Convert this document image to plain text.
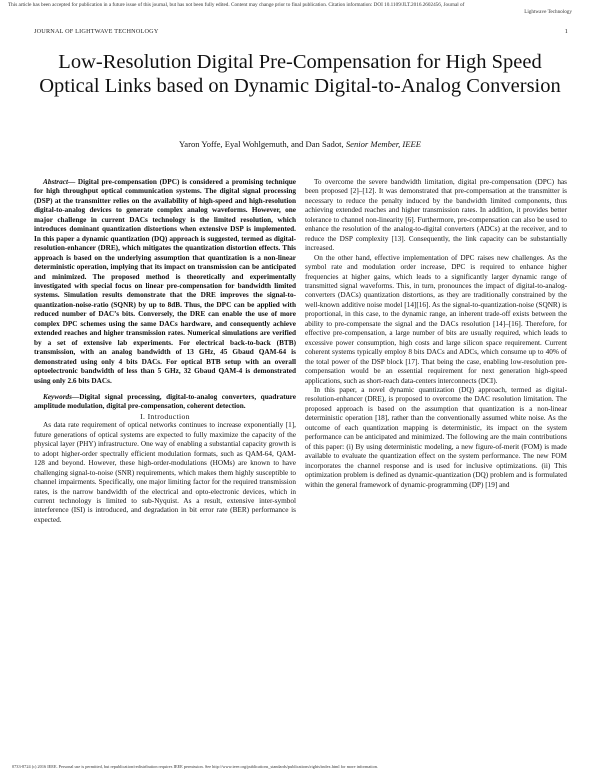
This article has been accepted for publication in a future issue of this journal, but has not been fully edited. Content may change prior to final publication. Citation information: DOI 10.1109/JLT.2016.2602456, Journal of
Lightwave Technology
JOURNAL OF LIGHTWAVE TECHNOLOGY	1
Low-Resolution Digital Pre-Compensation for High Speed Optical Links based on Dynamic Digital-to-Analog Conversion
Yaron Yoffe, Eyal Wohlgemuth, and Dan Sadot, Senior Member, IEEE

Abstract— Digital pre-compensation (DPC) is considered a promising technique for high throughput optical communication systems. The digital signal processing (DSP) at the transmitter relies on the availability of high-speed and high-resolution digital-to-analog devices to generate complex analog waveforms. However, one major challenge in current DACs technology is the limited resolution, which introduces dominant quantization distortions when extensive DSP is implemented. In this paper a dynamic quantization (DQ) approach is suggested, termed as digital-resolution-enhancer (DRE), which mitigates the quantization distortion effects. This approach is based on the underlying assumption that quantization is a non-linear deterministic operation, implying that its impact on transmission can be anticipated and minimized. The proposed method is theoretically and experimentally investigated with special focus on linear pre-compensation for bandwidth limited systems. Simulation results demonstrate that the DRE improves the signal-to-quantization-noise-ratio (SQNR) by up to 8dB. Thus, the DPC can be applied with reduced number of DAC’s bits. Conversely, the DRE can enable the use of more complex DPC schemes using the same DACs hardware, and consequently achieve extended reaches and higher transmission rates. Numerical simulations are verified by a set of extensive lab experiments. For electrical back-to-back (BTB) transmission, with an analog bandwidth of 13 GHz, 45 Gbaud QAM-64 is demonstrated using only 4 bits DACs. For optical BTB setup with an overall optoelectronic bandwidth of less than 5 GHz, 32 Gbaud QAM-4 is demonstrated using only 2.6 bits DACs.

Keywords—Digital signal processing, digital-to-analog converters, quadrature amplitude modulation, digital pre-compensation, coherent detection.

I. Introduction

As data rate requirement of optical networks continues to increase exponentially [1], future generations of optical systems are expected to fully maximize the capacity of the physical layer (PHY) infrastructure. One way of enabling a substantial capacity growth is to adopt higher-order spectrally efficient modulation formats, such as QAM-64, QAM-128 and beyond. However, these high-order-modulations (HOMs) are known to have challenging signal-to-noise (SNR) requirements, which makes them highly susceptible to channel impairments. Specifically, one major limiting factor for the required transmission rates, is the narrow bandwidth of the electrical and opto-electronic devices, which in current technology is limited to sub-Nyquist. As a result, extensive inter-symbol interference (ISI) is introduced, and degradation in bit error rate (BER) performance is expected.

To overcome the severe bandwidth limitation, digital pre-compensation (DPC) has been proposed [2]–[12]. It was demonstrated that pre-compensation at the transmitter is necessary to reduce the penalty induced by the bandwidth limited components, thus achieving extended reaches and higher transmission rates. In addition, it provides better tolerance to channel non-linearity [6]. Furthermore, pre-compensation can also be used to enhance the resolution of the analog-to-digital converters (ADCs) at the receiver, and to reduce the DSP complexity [13]. Consequently, the link capacity can be substantially increased.

On the other hand, effective implementation of DPC raises new challenges. As the symbol rate and modulation order increase, DPC is required to enhance higher frequencies at higher gains, which leads to a significantly larger dynamic range of transmitted signal waveforms. This, in turn, pronounces the impact of digital-to-analog-converters (DACs) quantization distortions, as they are traditionally constrained by the well-known additive noise model [14][16]. As the signal-to-quantization-noise (SQNR) is proportional, in this case, to the dynamic range, an inherent trade-off exists between the ability to pre-compensate the signal and the DACs resolution [14]–[16]. Therefore, for effective pre-compensation, a large number of bits are usually required, which leads to excessive power consumption, high costs and large silicon space requirement. Current coherent systems typically employ 8 bits DACs and ADCs, which consume up to 40% of the total power of the DSP block [17]. That being the case, enabling low-resolution pre-compensation would be an essential requirement for next generation high-speed applications, such as short-reach data-centers interconnects (DCI).

In this paper, a novel dynamic quantization (DQ) approach, termed as digital-resolution-enhancer (DRE), is proposed to overcome the DAC resolution limitation. The proposed approach is based on the assumption that quantization is a non-linear deterministic operation [18], rather than the conventionally assumed white noise. As the outcome of each quantization mapping is deterministic, its impact on the system performance can be anticipated and minimized. The following are the main contributions of this paper: (i) By using deterministic modeling, a new figure-of-merit (FOM) is made available to evaluate the quantization effect on the system performance. The new FOM incorporates the channel response and is used for inclusive optimizations. (ii) This optimization problem is defined as dynamic-quantization (DQ) problem and is formulated within the general framework of dynamic-programming (DP) [19] and

0733-8724 (c) 2016 IEEE. Personal use is permitted, but republication/redistribution requires IEEE permission. See http://www.ieee.org/publications_standards/publications/rights/index.html for more information.
